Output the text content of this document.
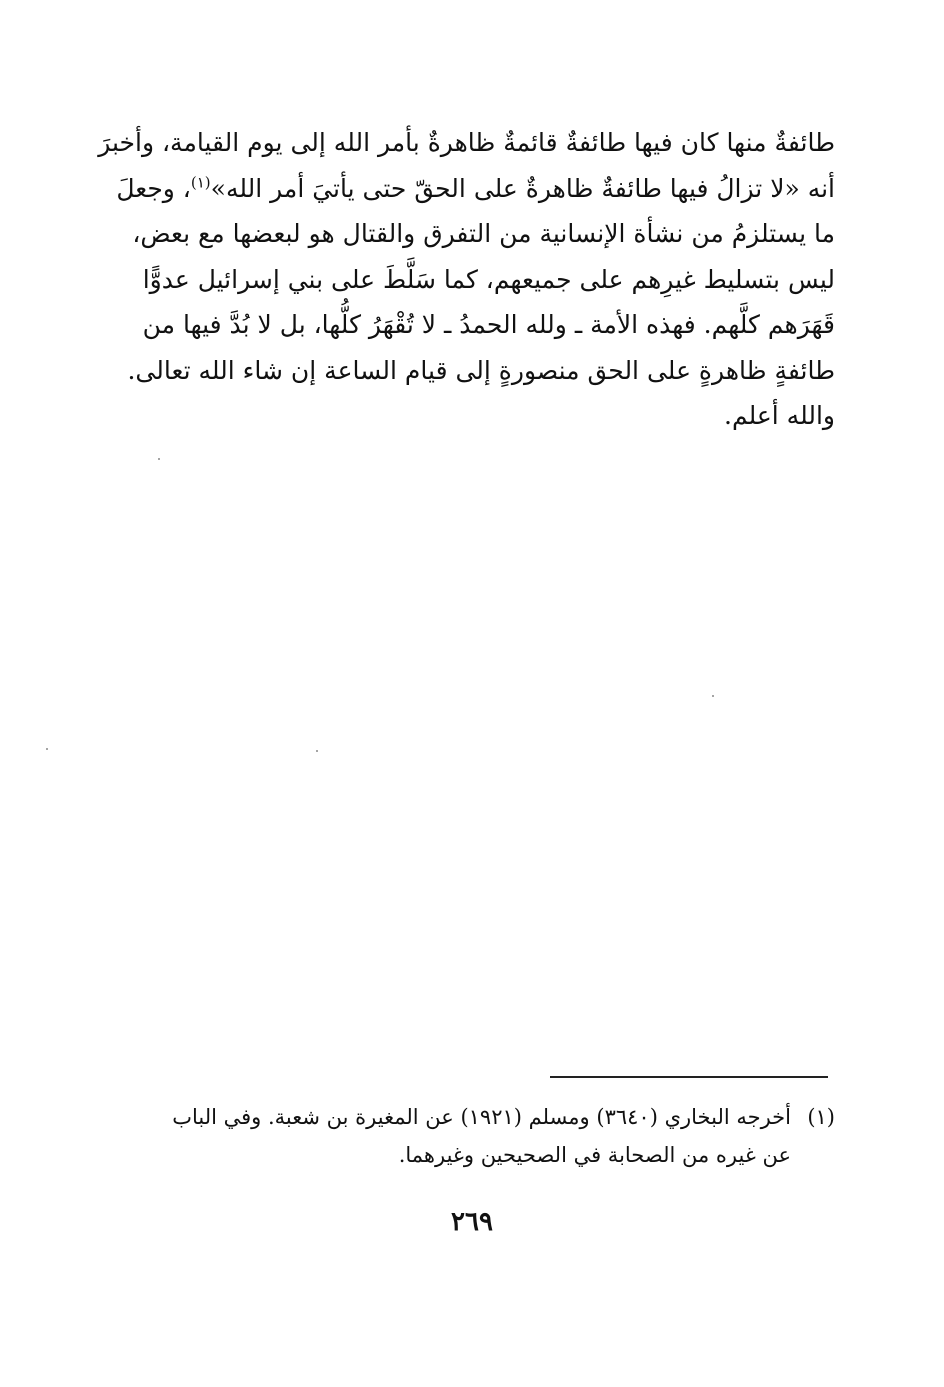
طائفةٌ منها كان فيها طائفةٌ قائمةٌ ظاهرةٌ بأمر الله إلى يوم القيامة، وأخبرَ
أنه «لا تزالُ فيها طائفةٌ ظاهرةٌ على الحقّ حتى يأتيَ أمر الله»$^{(١)}$، وجعلَ
ما يستلزمُ من نشأة الإنسانية من التفرق والقتال هو لبعضها مع بعض،
ليس بتسليط غيرِهم على جميعهم، كما سَلَّطَ على بني إسرائيل عدوًّا
قَهَرَهم كلَّهم. فهذه الأمة ـ ولله الحمدُ ـ لا تُقْهَرُ كلُّها، بل لا بُدَّ فيها من
طائفةٍ ظاهرةٍ على الحق منصورةٍ إلى قيام الساعة إن شاء الله تعالى.
والله أعلم.
(١)أخرجه البخاري (٣٦٤٠) ومسلم (١٩٢١) عن المغيرة بن شعبة. وفي الباب
عن غيره من الصحابة في الصحيحين وغيرهما.
٢٦٩
